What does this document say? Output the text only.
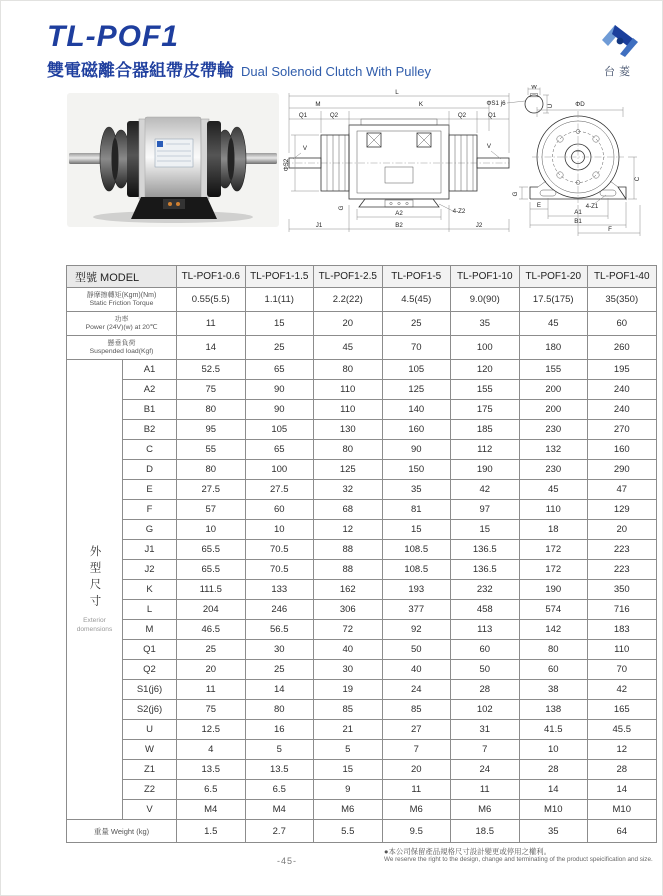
TL-POF1
雙電磁離合器組帶皮帶輪 Dual Solenoid Clutch With Pulley	台菱
L
M	K
Q1	Q2	Q2	Q1
ΦS2
V	V
G
A2
B2
J1	J2
4-Z2
W
U
ΦS1 j6	ΦD
C
G
E
A1
B1
F
4-Z1
型號 MODEL		TL-POF1-0.6	TL-POF1-1.5	TL-POF1-2.5	TL-POF1-5	TL-POF1-10	TL-POF1-20	TL-POF1-40

靜摩擦轉矩(Kgm)(Nm)
Static Friction Torque		0.55(5.5)	1.1(11)	2.2(22)	4.5(45)	9.0(90)	17.5(175)	35(350)

功率
Power (24V)(w) at 20℃		11	15	20	25	35	45	60

懸垂負荷
Suspended load(Kgf)		14	25	45	70	100	180	260
外型尺寸
Exterior domensions	A1	52.5	65	80	105	120	155	195
	A2	75	90	110	125	155	200	240
	B1	80	90	110	140	175	200	240
	B2	95	105	130	160	185	230	270
	C	55	65	80	90	112	132	160
	D	80	100	125	150	190	230	290
	E	27.5	27.5	32	35	42	45	47
	F	57	60	68	81	97	110	129
	G	10	10	12	15	15	18	20
	J1	65.5	70.5	88	108.5	136.5	172	223
	J2	65.5	70.5	88	108.5	136.5	172	223
	K	111.5	133	162	193	232	190	350
	L	204	246	306	377	458	574	716
	M	46.5	56.5	72	92	113	142	183
	Q1	25	30	40	50	60	80	110
	Q2	20	25	30	40	50	60	70
	S1(j6)	11	14	19	24	28	38	42
	S2(j6)	75	80	85	85	102	138	165
	U	12.5	16	21	27	31	41.5	45.5
	W	4	5	5	7	7	10	12
	Z1	13.5	13.5	15	20	24	28	28
	Z2	6.5	6.5	9	11	11	14	14
	V	M4	M4	M6	M6	M6	M10	M10
重量 Weight (kg)		1.5	2.7	5.5	9.5	18.5	35	64
-45-
●本公司保留產品規格尺寸設計變更或停用之權利。
We reserve the right to the design, change and terminating of the product speicification and size.
